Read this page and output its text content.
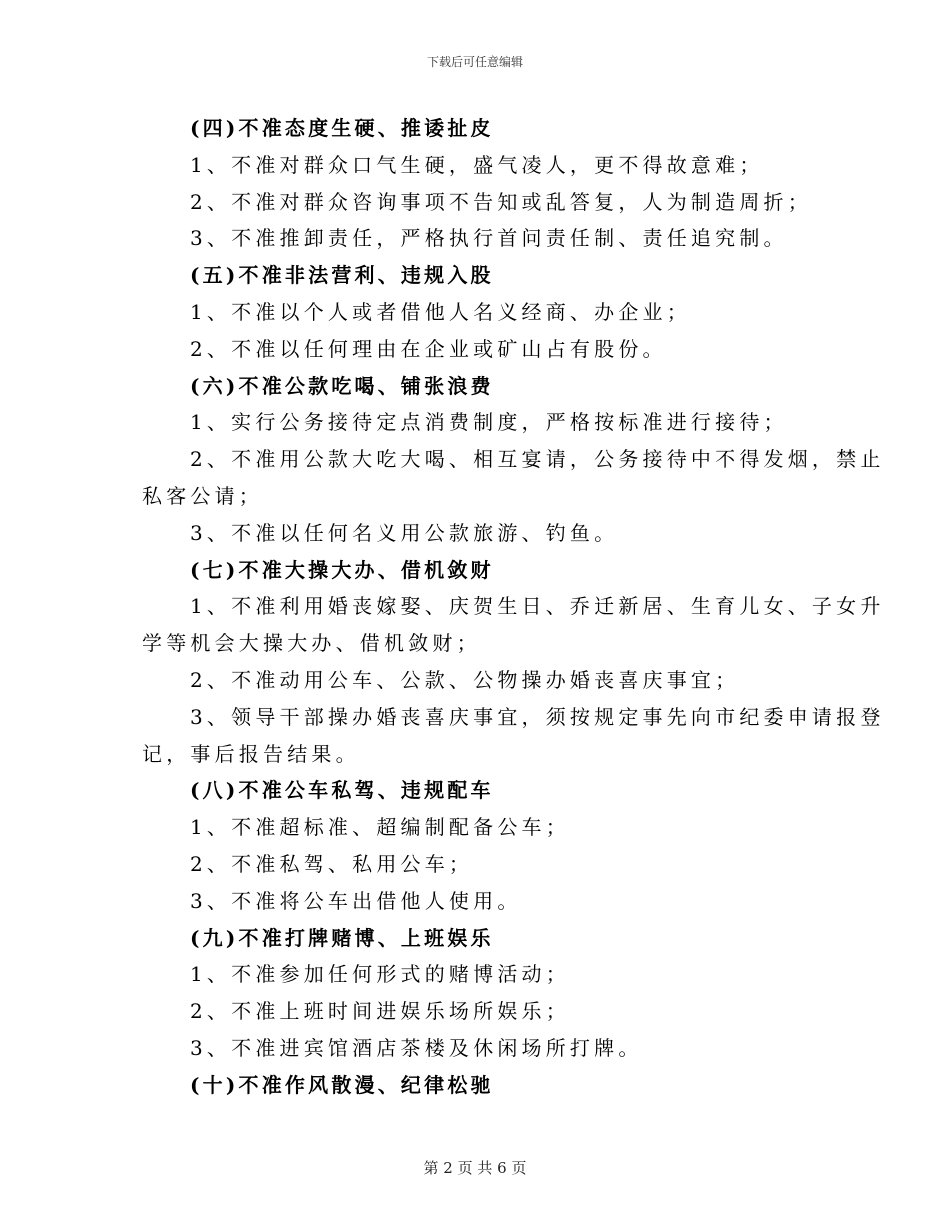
下载后可任意编辑

(四)不准态度生硬、推诿扯皮

1、不准对群众口气生硬，盛气凌人，更不得故意难；

2、不准对群众咨询事项不告知或乱答复，人为制造周折；

3、不准推卸责任，严格执行首问责任制、责任追究制。

(五)不准非法营利、违规入股

1、不准以个人或者借他人名义经商、办企业；

2、不准以任何理由在企业或矿山占有股份。

(六)不准公款吃喝、铺张浪费

1、实行公务接待定点消费制度，严格按标准进行接待；

2、不准用公款大吃大喝、相互宴请，公务接待中不得发烟，禁止

私客公请；

3、不准以任何名义用公款旅游、钓鱼。

(七)不准大操大办、借机敛财

1、不准利用婚丧嫁娶、庆贺生日、乔迁新居、生育儿女、子女升

学等机会大操大办、借机敛财；

2、不准动用公车、公款、公物操办婚丧喜庆事宜；

3、领导干部操办婚丧喜庆事宜，须按规定事先向市纪委申请报登

记，事后报告结果。

(八)不准公车私驾、违规配车

1、不准超标准、超编制配备公车；

2、不准私驾、私用公车；

3、不准将公车出借他人使用。

(九)不准打牌赌博、上班娱乐

1、不准参加任何形式的赌博活动；

2、不准上班时间进娱乐场所娱乐；

3、不准进宾馆酒店茶楼及休闲场所打牌。

(十)不准作风散漫、纪律松驰

第 2 页 共 6 页
